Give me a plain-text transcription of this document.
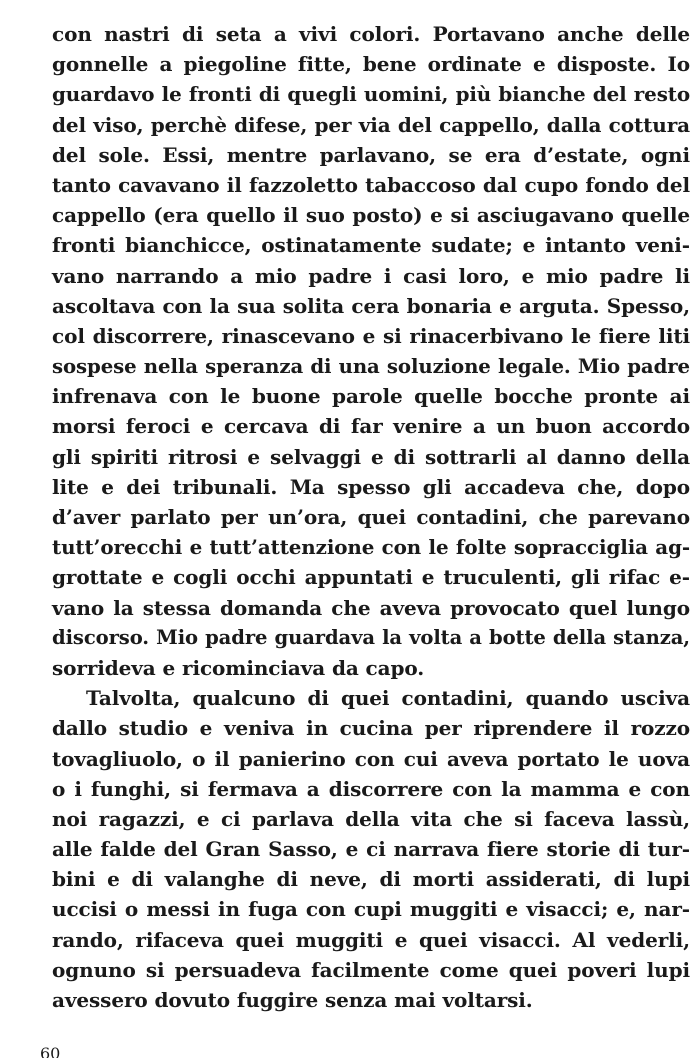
con nastri di seta a vivi colori. Portavano anche delle
gonnelle a piegoline fitte, bene ordinate e disposte. Io
guardavo le fronti di quegli uomini, più bianche del resto
del viso, perchè difese, per via del cappello, dalla cottura
del sole. Essi, mentre parlavano, se era d’estate, ogni
tanto cavavano il fazzoletto tabaccoso dal cupo fondo del
cappello (era quello il suo posto) e si asciugavano quelle
fronti bianchicce, ostinatamente sudate; e intanto veni-
vano narrando a mio padre i casi loro, e mio padre li
ascoltava con la sua solita cera bonaria e arguta. Spesso,
col discorrere, rinascevano e si rinacerbivano le fiere liti
sospese nella speranza di una soluzione legale. Mio padre
infrenava con le buone parole quelle bocche pronte ai
morsi feroci e cercava di far venire a un buon accordo
gli spiriti ritrosi e selvaggi e di sottrarli al danno della
lite e dei tribunali. Ma spesso gli accadeva che, dopo
d’aver parlato per un’ora, quei contadini, che parevano
tutt’orecchi e tutt’attenzione con le folte sopracciglia ag-
grottate e cogli occhi appuntati e truculenti, gli rifac e-
vano la stessa domanda che aveva provocato quel lungo
discorso. Mio padre guardava la volta a botte della stanza,
sorrideva e ricominciava da capo.
Talvolta, qualcuno di quei contadini, quando usciva
dallo studio e veniva in cucina per riprendere il rozzo
tovagliuolo, o il panierino con cui aveva portato le uova
o i funghi, si fermava a discorrere con la mamma e con
noi ragazzi, e ci parlava della vita che si faceva lassù,
alle falde del Gran Sasso, e ci narrava fiere storie di tur-
bini e di valanghe di neve, di morti assiderati, di lupi
uccisi o messi in fuga con cupi muggiti e visacci; e, nar-
rando, rifaceva quei muggiti e quei visacci. Al vederli,
ognuno si persuadeva facilmente come quei poveri lupi
avessero dovuto fuggire senza mai voltarsi.
60
